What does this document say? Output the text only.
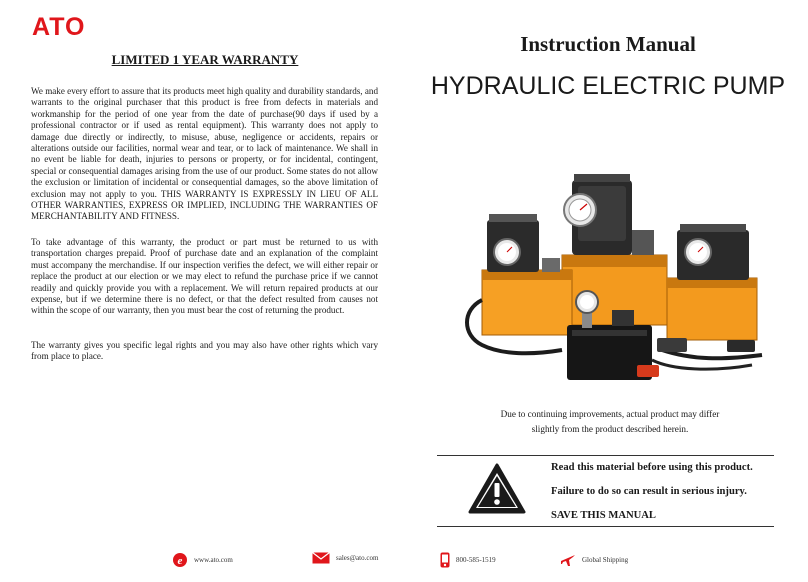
ATO
LIMITED 1 YEAR WARRANTY
We make every effort to assure that its products meet high quality and durability standards, and warrants to the original purchaser that this product is free from defects in materials and workmanship for the period of one year from the date of purchase(90 days if used by a professional contractor or if used as rental equipment). This warranty does not apply to damage due directly or indirectly, to misuse, abuse, negligence or accidents, repairs or alterations outside our facilities, normal wear and tear, or to lack of maintenance. We shall in no event be liable for death, injuries to persons or property, or for incidental, contingent, special or consequential damages arising from the use of our product. Some states do not allow the exclusion or limitation of incidental or consequential damages, so the above limitation of exclusion may not apply to you. THIS WARRANTY IS EXPRESSLY IN LIEU OF ALL OTHER WARRANTIES, EXPRESS OR IMPLIED, INCLUDING THE WARRANTIES OF MERCHANTABILITY AND FITNESS.
To take advantage of this warranty, the product or part must be returned to us with transportation charges prepaid. Proof of purchase date and an explanation of the complaint must accompany the merchandise. If our inspection verifies the defect, we will either repair or replace the product at our election or we may elect to refund the purchase price if we cannot readily and quickly provide you with a replacement. We will return repaired products at our expense, but if we determine there is no defect, or that the defect resulted from causes not within the scope of our warranty, then you must bear the cost of returning the product.
The warranty gives you specific legal rights and you may also have other rights which vary from place to place.
Instruction Manual
HYDRAULIC ELECTRIC PUMP
Due to continuing improvements, actual product may differ
slightly from the product described herein.
Read this material before using this product.
Failure to do so can result in serious injury.
SAVE THIS MANUAL
e www.ato.com	sales@ato.com	800-585-1519	Global Shipping
